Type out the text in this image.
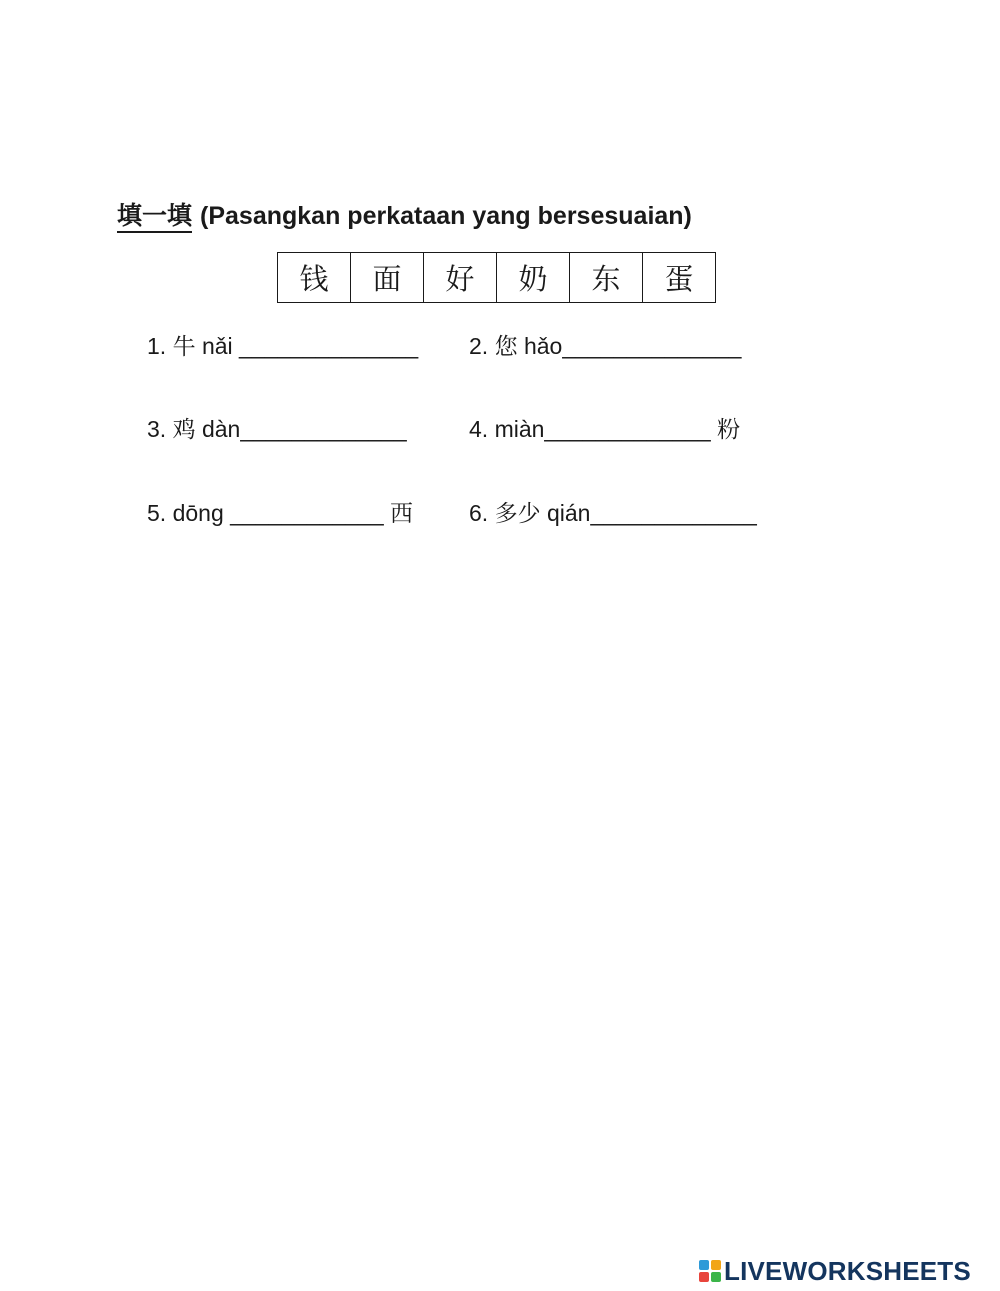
填一填 (Pasangkan perkataan yang bersesuaian)
钱	面	好	奶	东	蛋
1. 牛 nǎi ______________ 2. 您 hǎo______________
3. 鸡 dàn_____________	4. miàn_____________ 粉
5. dōng ____________ 西 6. 多少 qián_____________
LIVEWORKSHEETS
